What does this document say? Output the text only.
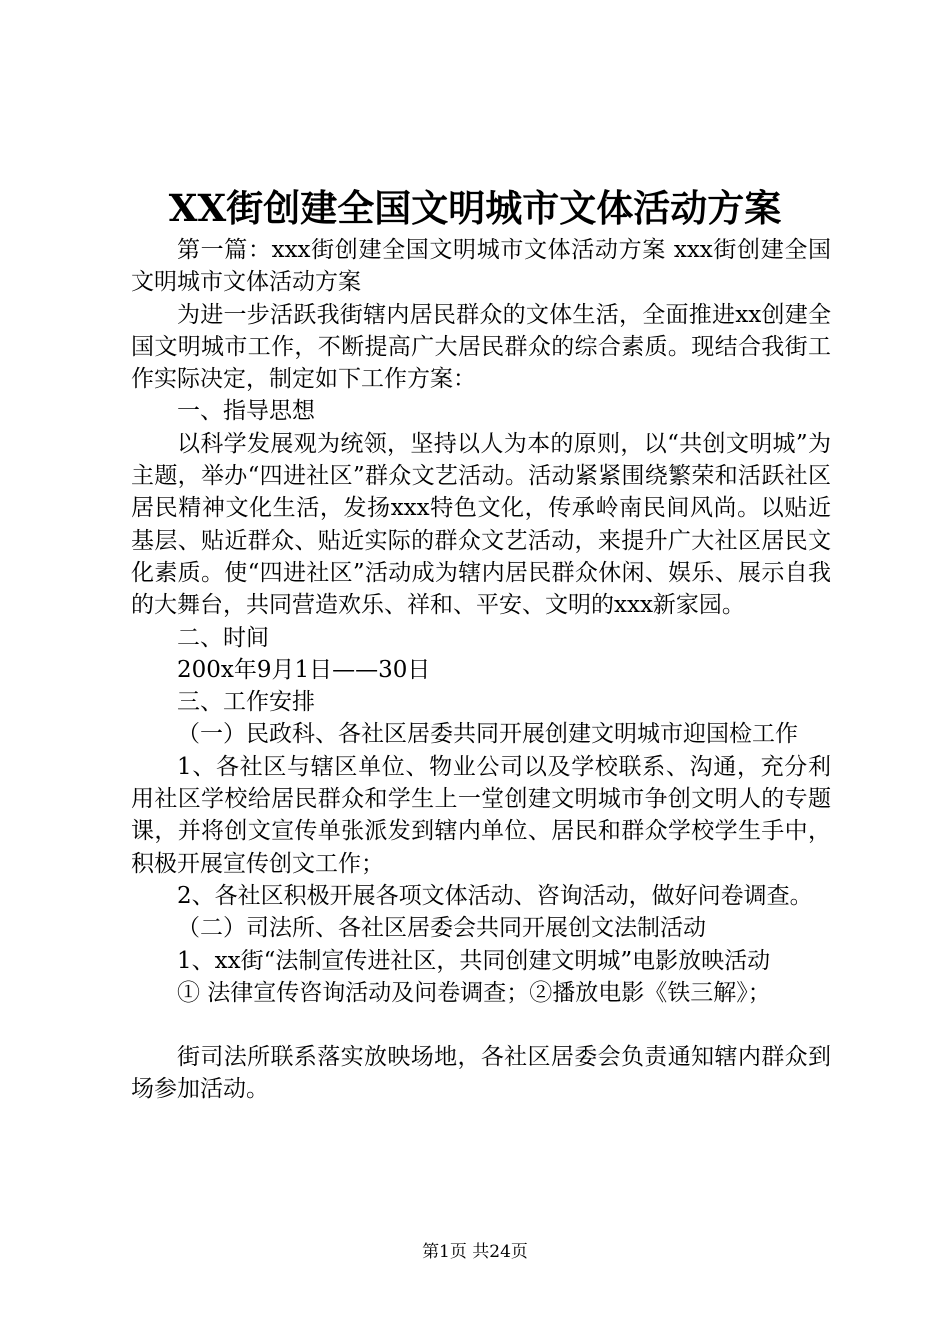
XX街创建全国文明城市文体活动方案

第一篇：xxx街创建全国文明城市文体活动方案 xxx街创建全国文明城市文体活动方案

为进一步活跃我街辖内居民群众的文体生活，全面推进xx创建全国文明城市工作，不断提高广大居民群众的综合素质。现结合我街工作实际决定，制定如下工作方案：

一、指导思想

以科学发展观为统领，坚持以人为本的原则，以“共创文明城”为主题，举办“四进社区”群众文艺活动。活动紧紧围绕繁荣和活跃社区居民精神文化生活，发扬xxx特色文化，传承岭南民间风尚。以贴近基层、贴近群众、贴近实际的群众文艺活动，来提升广大社区居民文化素质。使“四进社区”活动成为辖内居民群众休闲、娱乐、展示自我的大舞台，共同营造欢乐、祥和、平安、文明的xxx新家园。

二、时间

200x年9月1日——30日

三、工作安排

（一）民政科、各社区居委共同开展创建文明城市迎国检工作

1、各社区与辖区单位、物业公司以及学校联系、沟通，充分利用社区学校给居民群众和学生上一堂创建文明城市争创文明人的专题课，并将创文宣传单张派发到辖内单位、居民和群众学校学生手中，积极开展宣传创文工作；

2、各社区积极开展各项文体活动、咨询活动，做好问卷调查。

（二）司法所、各社区居委会共同开展创文法制活动

1、xx街“法制宣传进社区，共同创建文明城”电影放映活动

① 法律宣传咨询活动及问卷调查；②播放电影《铁三解》；

街司法所联系落实放映场地，各社区居委会负责通知辖内群众到场参加活动。

第1页 共24页
